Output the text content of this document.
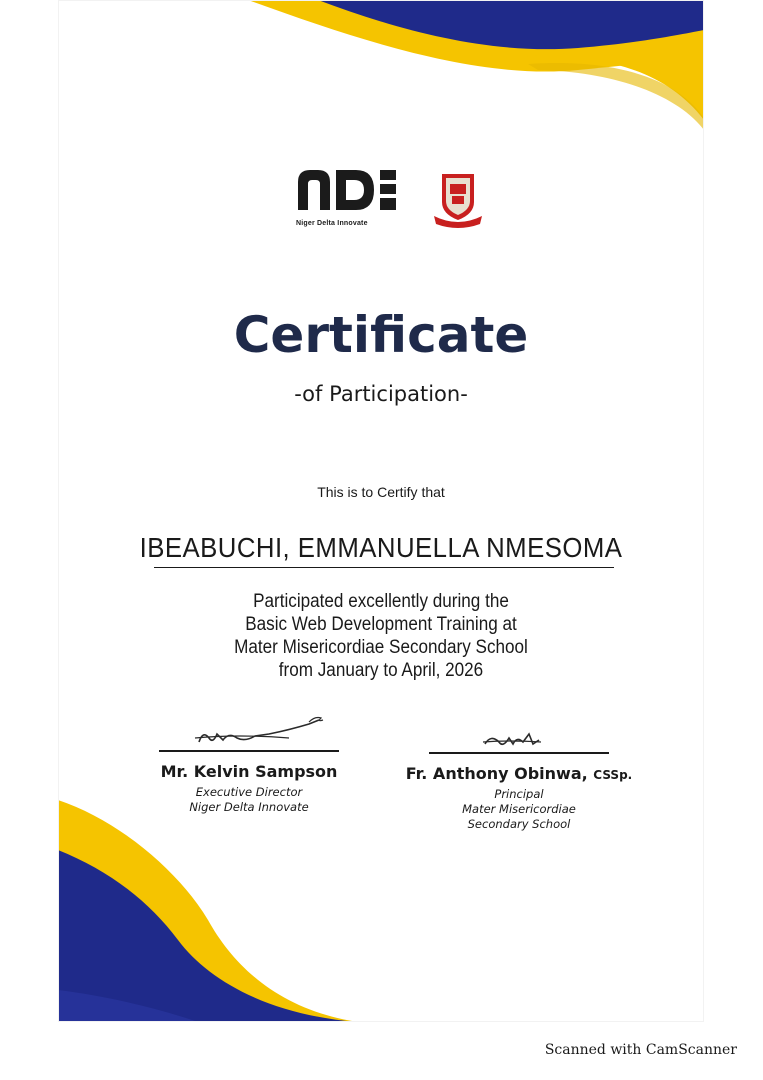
Niger Delta Innovate
Certificate
-of Participation-
This is to Certify that
IBEABUCHI, EMMANUELLA NMESOMA
Participated excellently during the
Basic Web Development Training at
Mater Misericordiae Secondary School
from January to April, 2026
Mr. Kelvin Sampson
Executive Director
Niger Delta Innovate
Fr. Anthony Obinwa, CSSp.
Principal
Mater Misericordiae
Secondary School
Scanned with CamScanner
